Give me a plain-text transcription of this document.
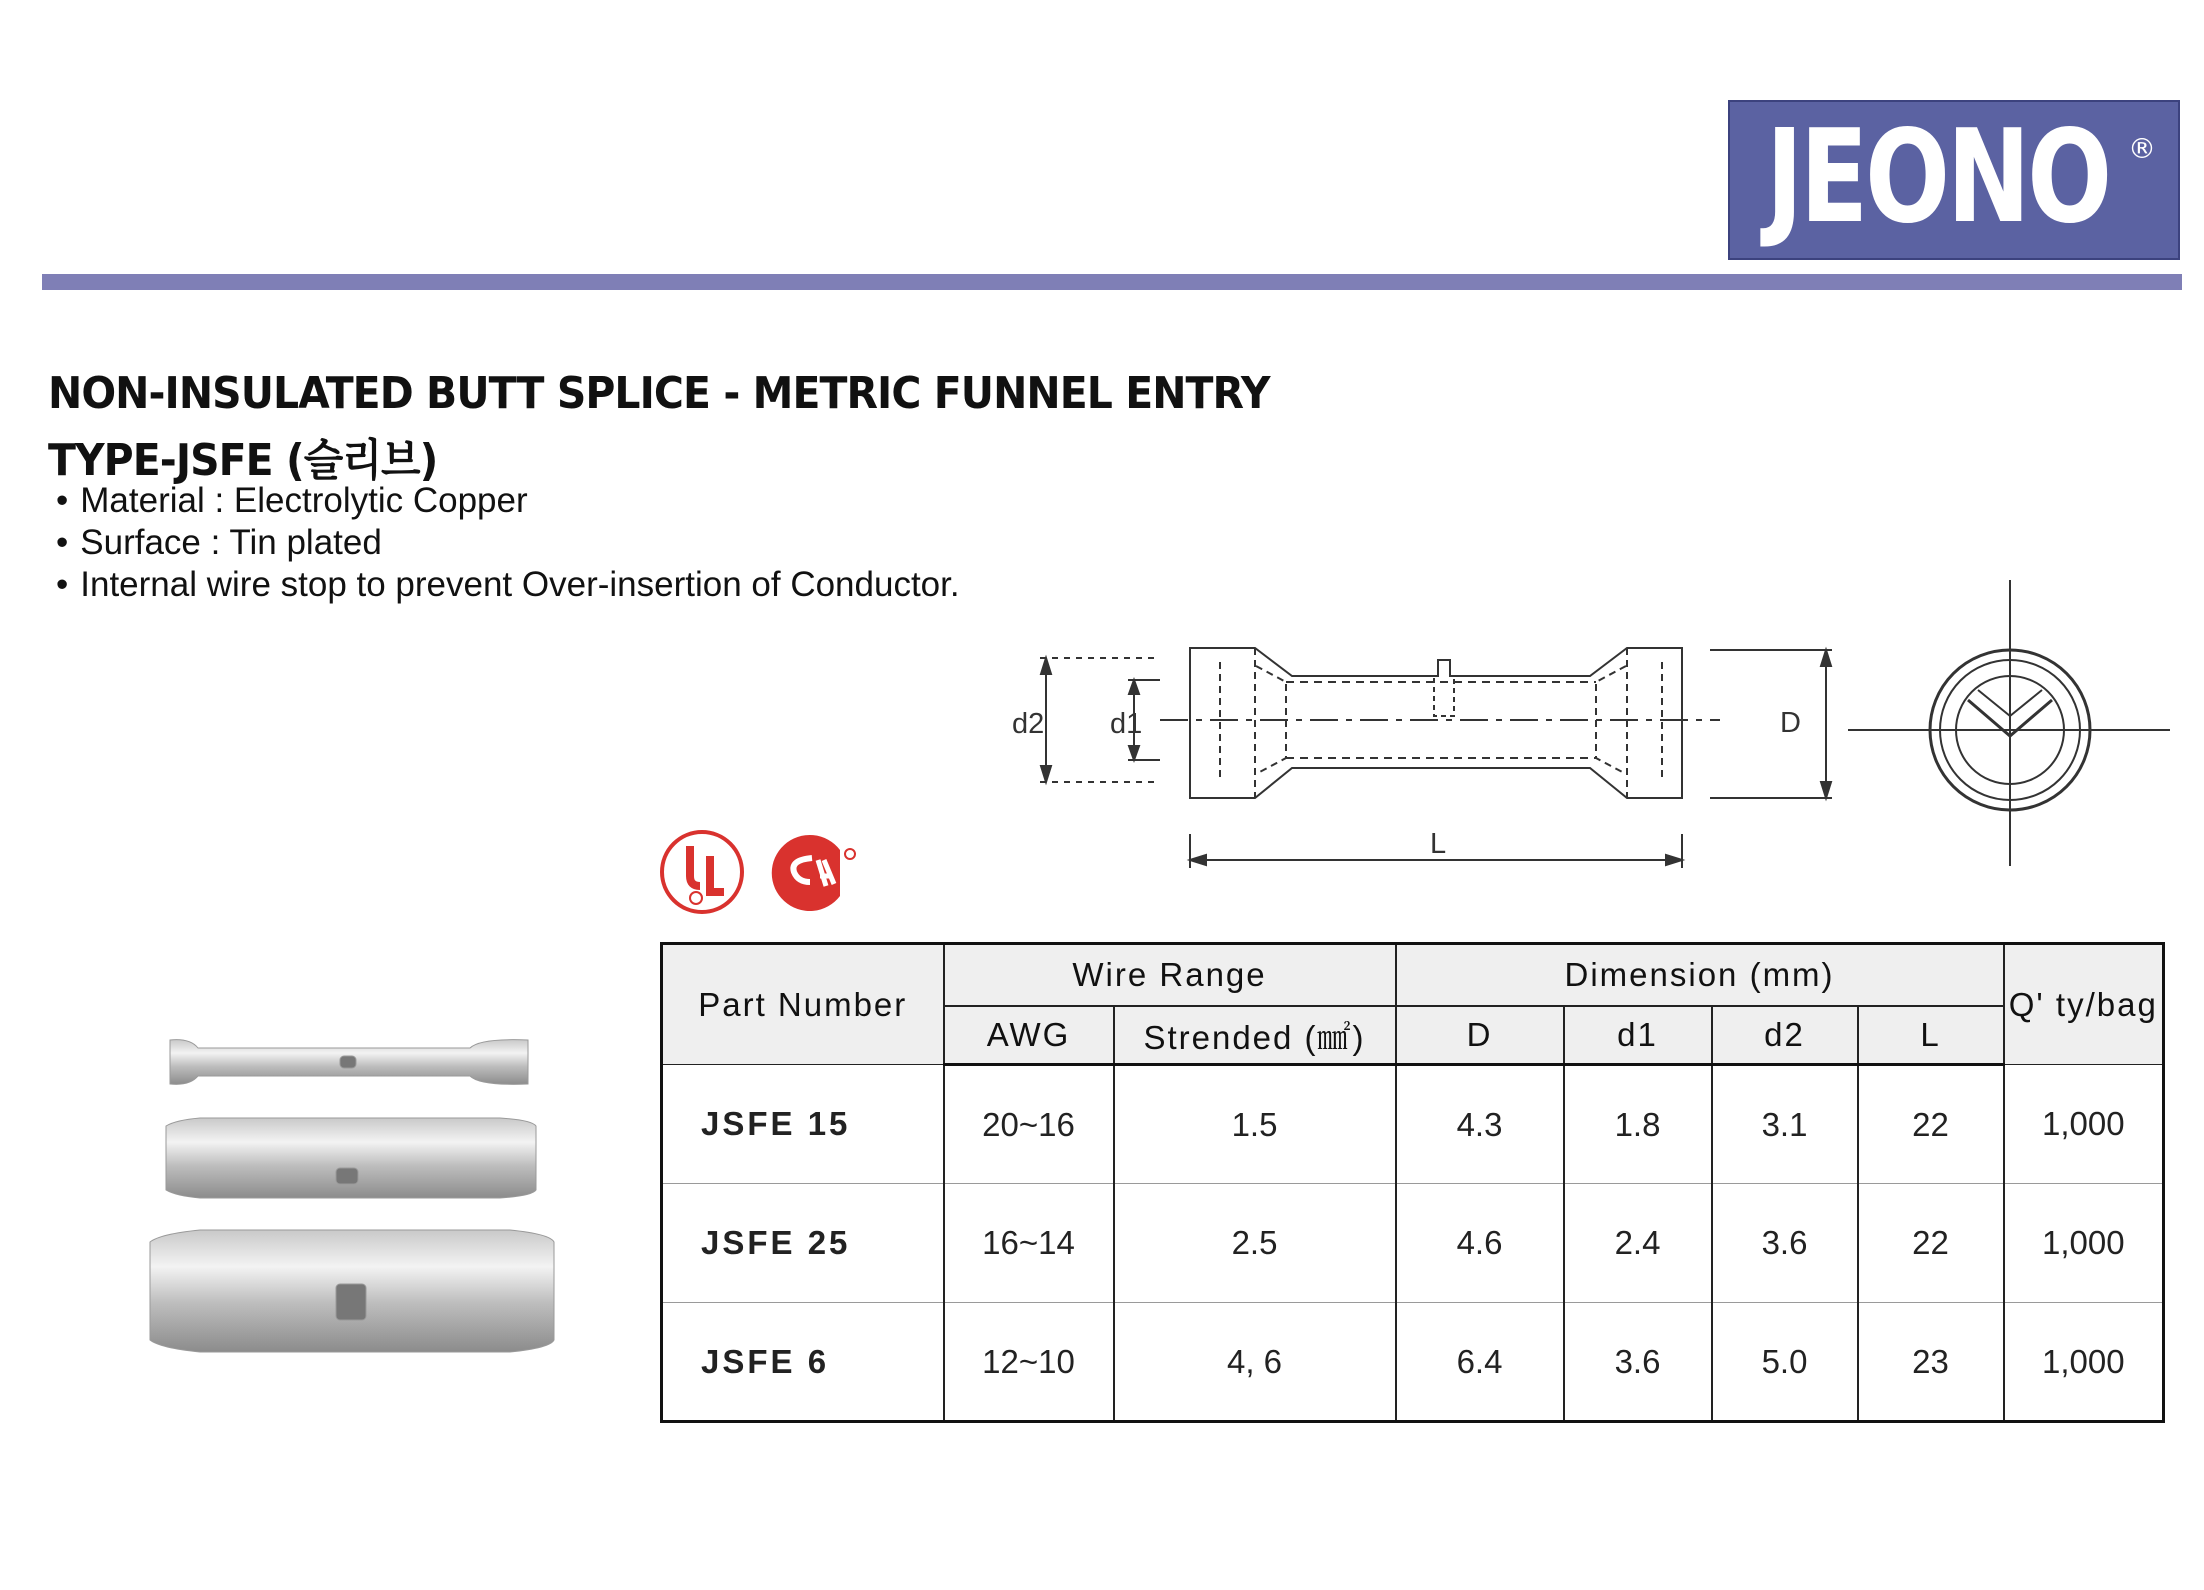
JEONO ®
NON-INSULATED BUTT SPLICE - METRIC FUNNEL ENTRY
TYPE-JSFE (슬리브)
• Material : Electrolytic Copper
• Surface : Tin plated
• Internal wire stop to prevent Over-insertion of Conductor.
d2 d1	D
L
Part Number	Wire Range		Dimension (mm)				Q' ty/bag
	AWG	Strended (㎟)	D	d1	d2	L	
JSFE 15	20~16	1.5	4.3	1.8	3.1	22	1,000
JSFE 25	16~14	2.5	4.6	2.4	3.6	22	1,000
JSFE 6	12~10	4, 6	6.4	3.6	5.0	23	1,000
